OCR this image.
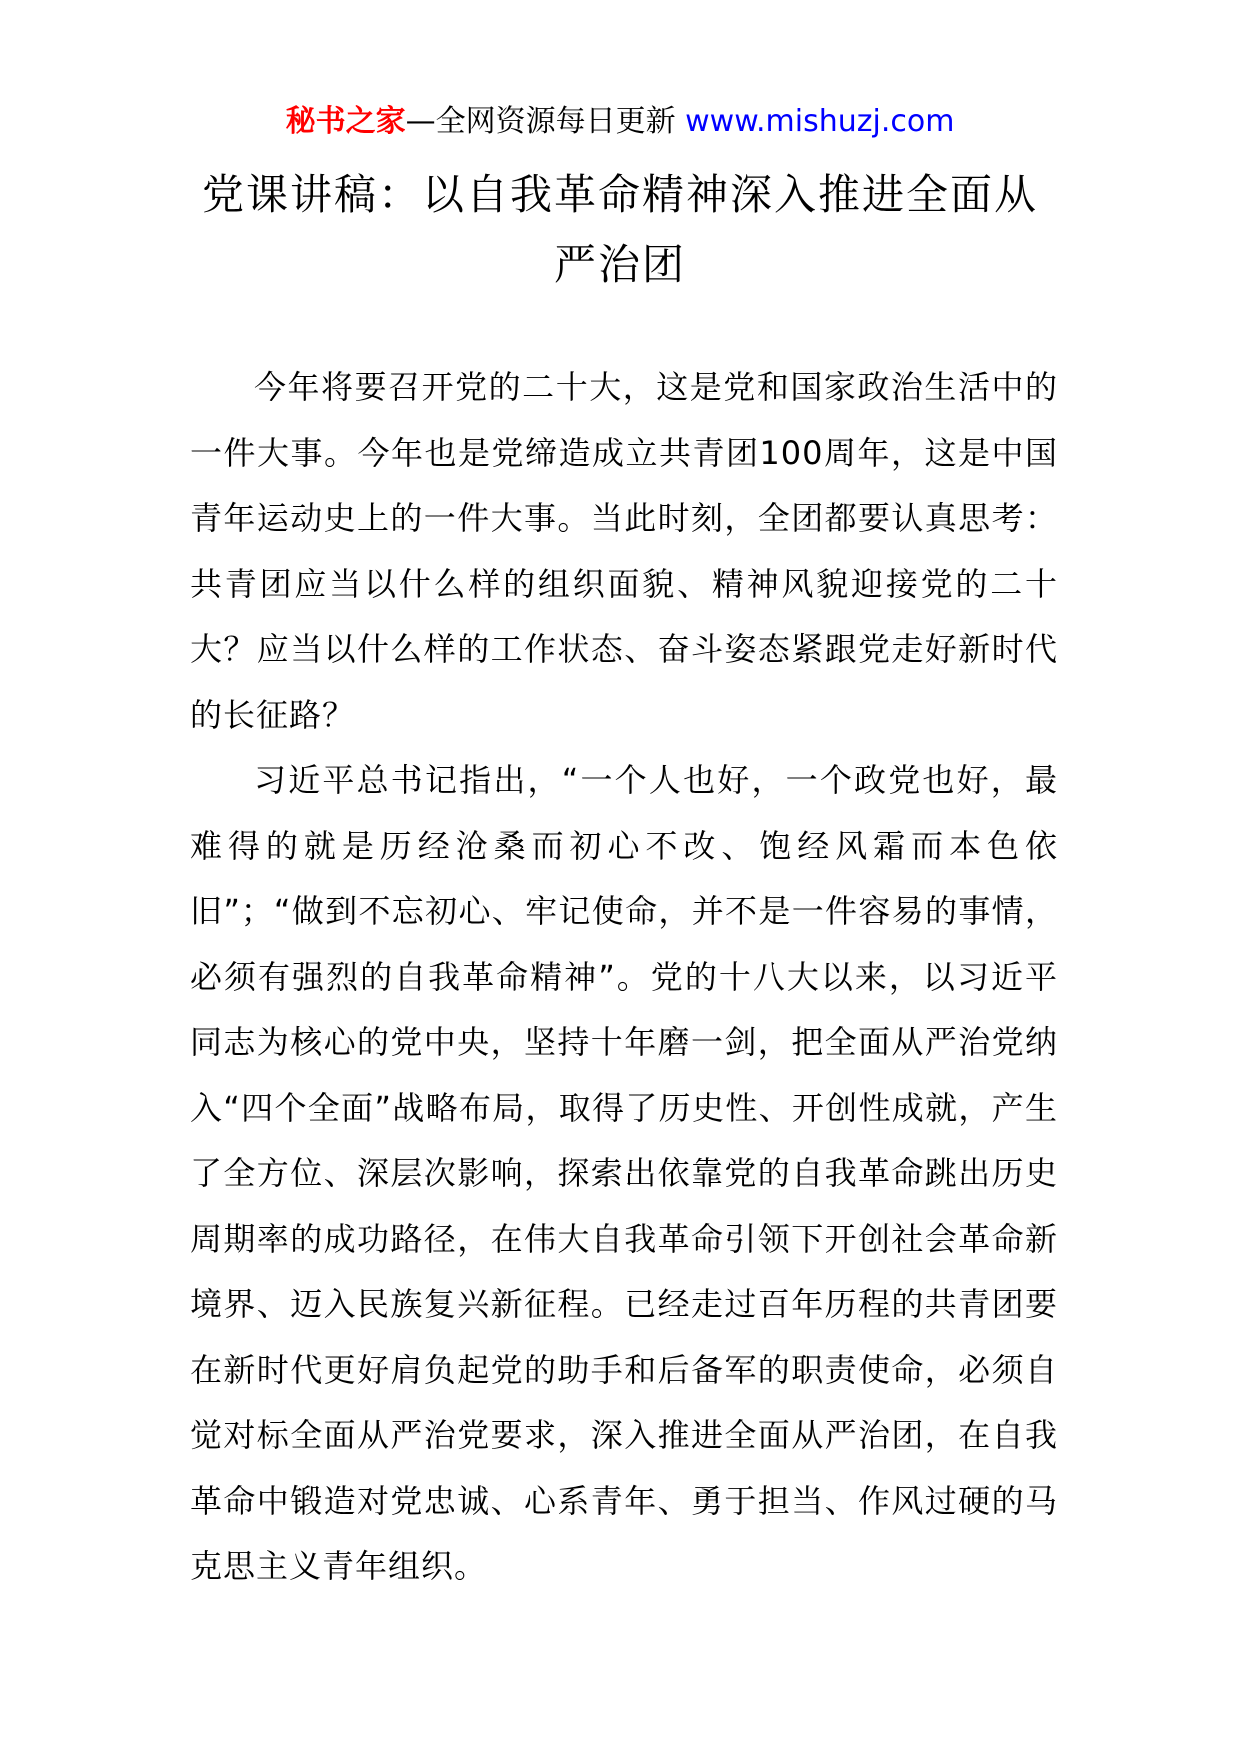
秘书之家—全网资源每日更新 www.mishuzj.com
党课讲稿：以自我革命精神深入推进全面从严治团

今年将要召开党的二十大，这是党和国家政治生活中的一件大事。今年也是党缔造成立共青团100周年，这是中国青年运动史上的一件大事。当此时刻，全团都要认真思考：共青团应当以什么样的组织面貌、精神风貌迎接党的二十大？应当以什么样的工作状态、奋斗姿态紧跟党走好新时代的长征路？

习近平总书记指出，“一个人也好，一个政党也好，最难得的就是历经沧桑而初心不改、饱经风霜而本色依旧”；“做到不忘初心、牢记使命，并不是一件容易的事情，必须有强烈的自我革命精神”。党的十八大以来，以习近平同志为核心的党中央，坚持十年磨一剑，把全面从严治党纳入“四个全面”战略布局，取得了历史性、开创性成就，产生了全方位、深层次影响，探索出依靠党的自我革命跳出历史周期率的成功路径，在伟大自我革命引领下开创社会革命新境界、迈入民族复兴新征程。已经走过百年历程的共青团要在新时代更好肩负起党的助手和后备军的职责使命，必须自觉对标全面从严治党要求，深入推进全面从严治团，在自我革命中锻造对党忠诚、心系青年、勇于担当、作风过硬的马克思主义青年组织。
